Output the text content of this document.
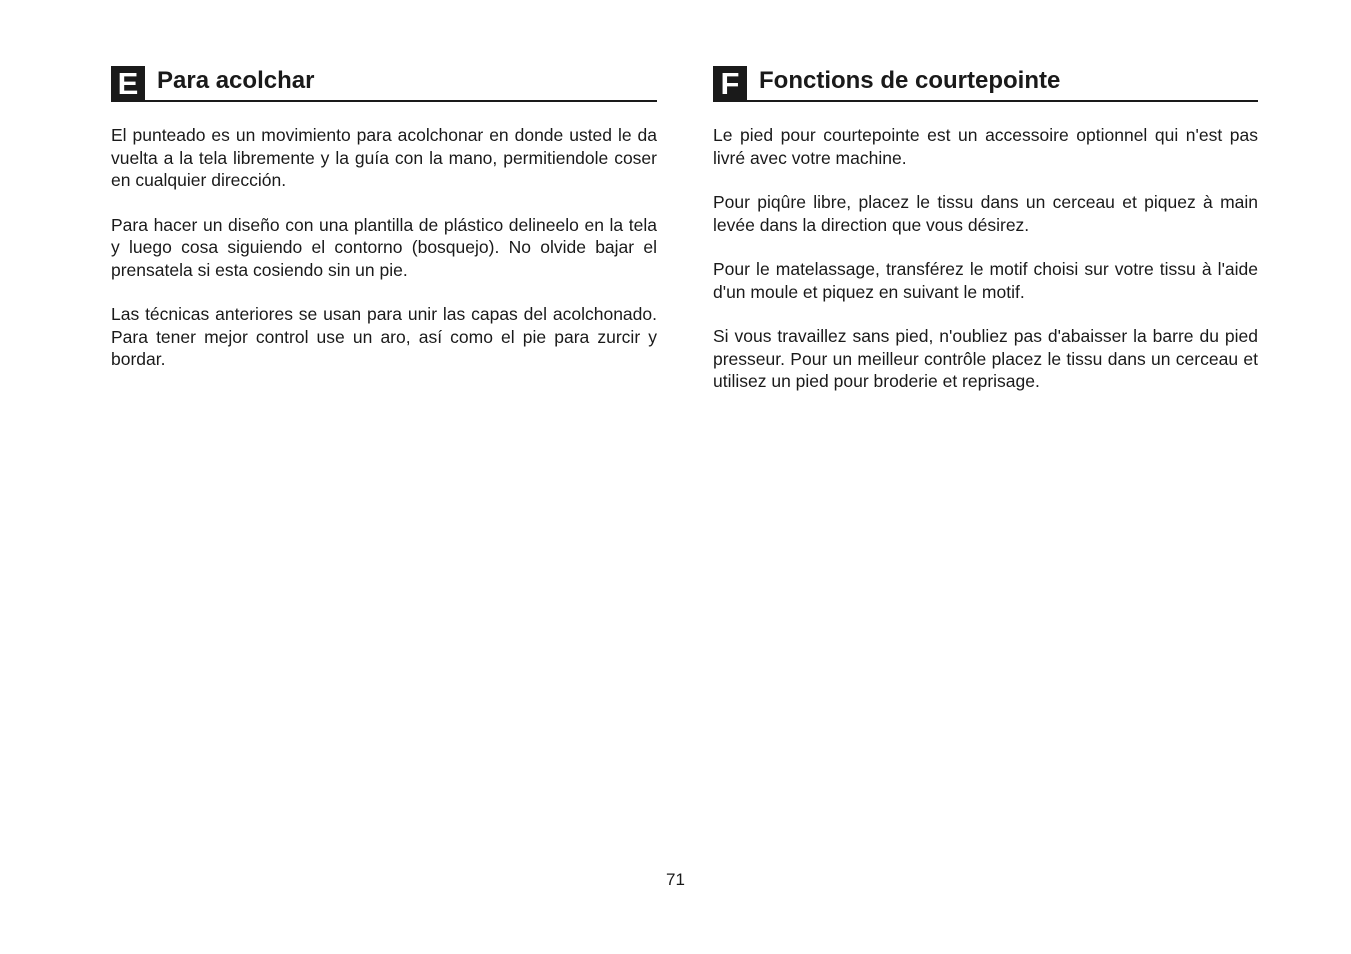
E Para acolchar

El punteado es un movimiento para acolchonar en donde usted le da vuelta a la tela libremente y la guía con la mano, permitiendole coser en cualquier dirección.

Para hacer un diseño con una plantilla de plástico delineelo en la tela y luego cosa siguiendo el contorno (bosquejo). No olvide bajar el prensatela si esta cosiendo sin un pie.

Las técnicas anteriores se usan para unir las capas del acolchonado. Para tener mejor control use un aro, así como el pie para zurcir y bordar.

F Fonctions de courtepointe

Le pied pour courtepointe est un accessoire optionnel qui n'est pas livré avec votre machine.

Pour piqûre libre, placez le tissu dans un cerceau et piquez à main levée dans la direction que vous désirez.

Pour le matelassage, transférez le motif choisi sur votre tissu à l'aide d'un moule et piquez en suivant le motif.

Si vous travaillez sans pied, n'oubliez pas d'abaisser la barre du pied presseur. Pour un meilleur contrôle placez le tissu dans un cerceau et utilisez un pied pour broderie et reprisage.

71
